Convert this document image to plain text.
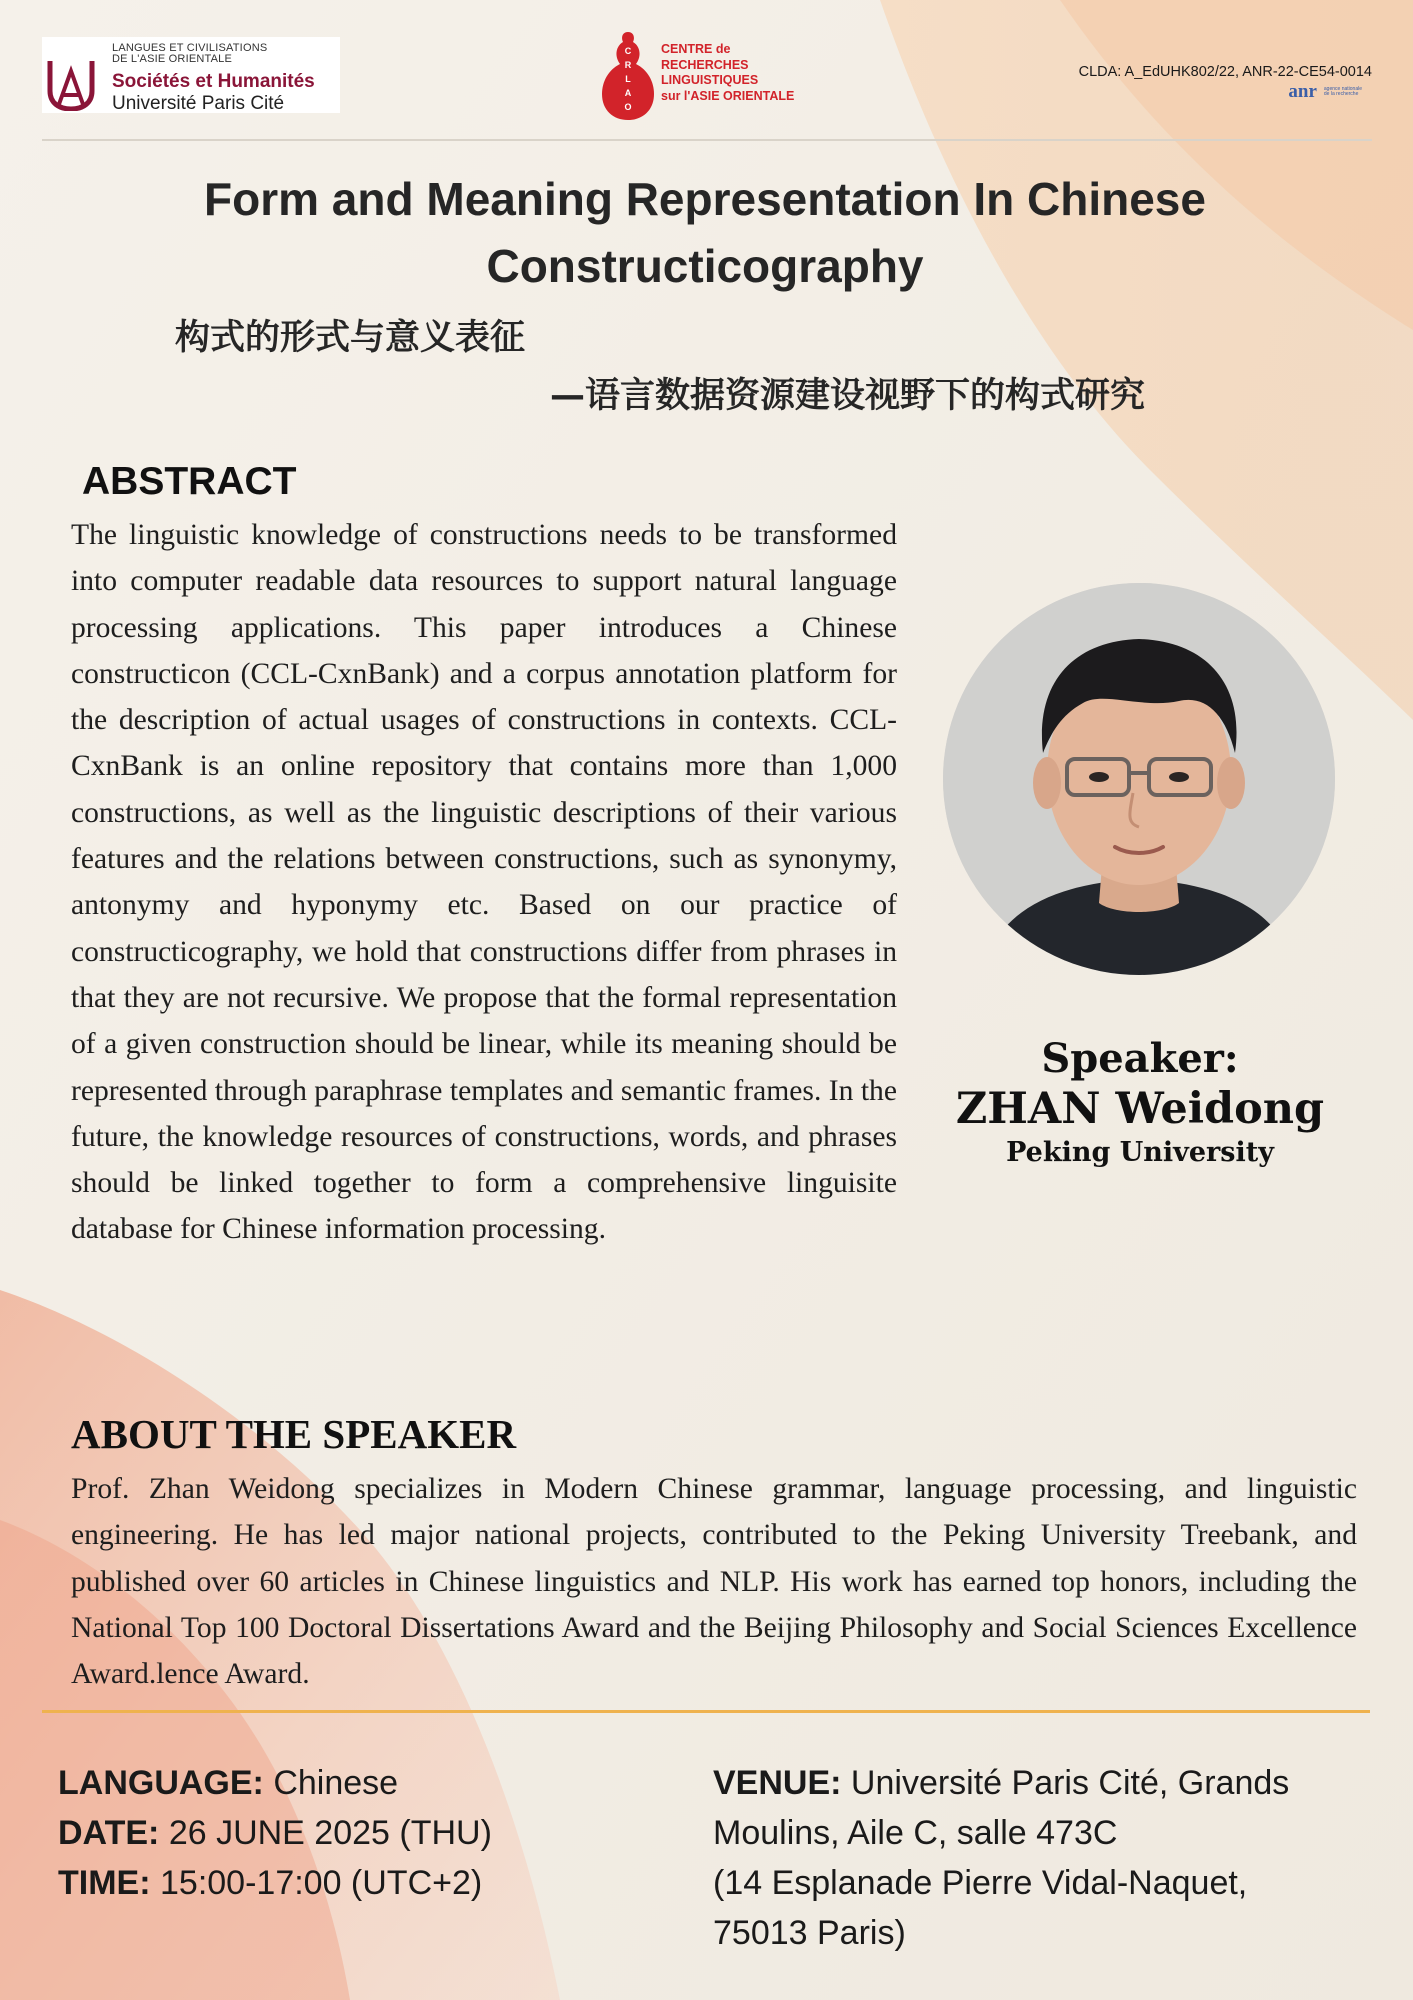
LANGUES ET CIVILISATIONS
DE L'ASIE ORIENTALE
Sociétés et Humanités
Université Paris Cité
C
R
L
A
O
CENTRE de
RECHERCHES
LINGUISTIQUES
sur l'ASIE ORIENTALE
CLDA: A_EdUHK802/22, ANR-22-CE54-0014
anr agence nationale
de la recherche
Form and Meaning Representation In Chinese Constructicography
构式的形式与意义表征
—语言数据资源建设视野下的构式研究
ABSTRACT

The linguistic knowledge of constructions needs to be transformed into computer readable data resources to support natural language processing applications. This paper introduces a Chinese constructicon (CCL-CxnBank) and a corpus annotation platform for the description of actual usages of constructions in contexts. CCL-CxnBank is an online repository that contains more than 1,000 constructions, as well as the linguistic descriptions of their various features and the relations between constructions, such as synonymy, antonymy and hyponymy etc. Based on our practice of constructicography, we hold that constructions differ from phrases in that they are not recursive. We propose that the formal representation of a given construction should be linear, while its meaning should be represented through paraphrase templates and semantic frames. In the future, the knowledge resources of constructions, words, and phrases should be linked together to form a comprehensive linguisite database for Chinese information processing.

Speaker:
ZHAN Weidong
Peking University
ABOUT THE SPEAKER

Prof. Zhan Weidong specializes in Modern Chinese grammar, language processing, and linguistic engineering. He has led major national projects, contributed to the Peking University Treebank, and published over 60 articles in Chinese linguistics and NLP. His work has earned top honors, including the National Top 100 Doctoral Dissertations Award and the Beijing Philosophy and Social Sciences Excellence Award.lence Award.

LANGUAGE: Chinese
DATE: 26 JUNE 2025 (THU)
TIME: 15:00-17:00 (UTC+2)
VENUE: Université Paris Cité, Grands
Moulins, Aile C, salle 473C
(14 Esplanade Pierre Vidal-Naquet,
75013 Paris)
